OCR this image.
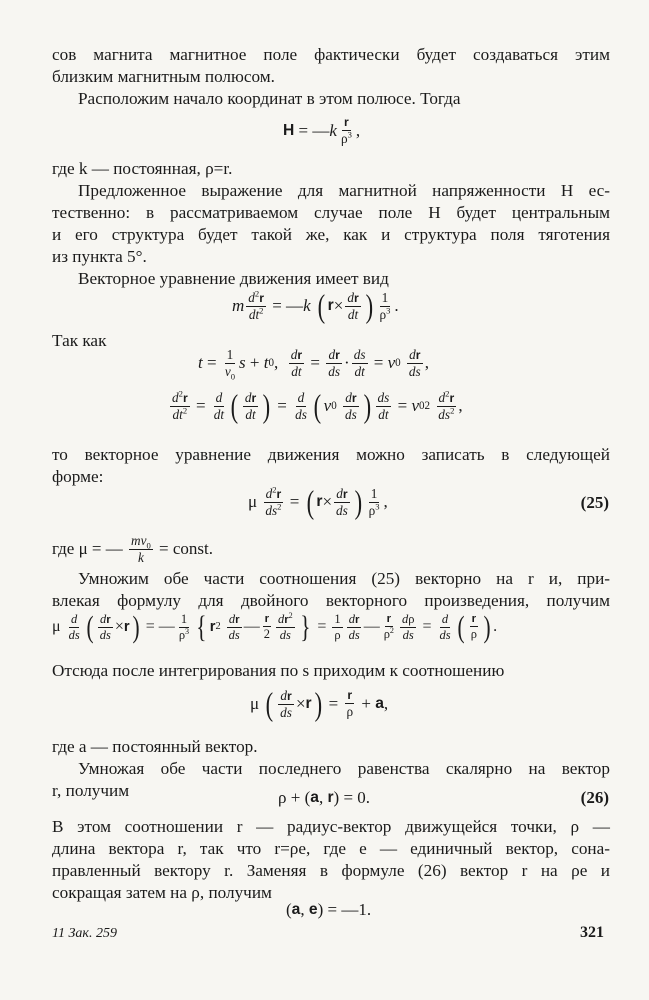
сов магнита магнитное поле фактически будет создаваться этим
близким магнитным полюсом.
Расположим начало координат в этом полюсе. Тогда
H = — k $\frac{r}{\rho^3}$ ,
где k — постоянная, ρ=r.
Предложенное выражение для магнитной напряженности H ес-
тественно: в рассматриваемом случае поле H будет центральным
и его структура будет такой же, как и структура поля тяготения
из пункта 5°.
Векторное уравнение движения имеет вид
m $\frac{d^2r}{dt^2}$ = — k
( $r \times \frac{dr}{dt}$ ) $\frac{1}{\rho^3}$ .
Так как
$t = \frac{1}{v_0}$ s + t 0 , $\frac{dr}{dt} = \frac{dr}{ds} \cdot \frac{ds}{dt} = v$ 0
$\frac{dr}{ds}$ ,
$\frac{d^2r}{dt^2} = \frac{d}{dt}$ ( $\frac{dr}{dt}$ ) = $\frac{d}{ds}$ ( v 0
$\frac{dr}{ds}$ ) $\frac{ds}{dt} = v$ 0 2
$\frac{d^2r}{ds^2}$ ,
то векторное уравнение движения можно записать в следующей
форме:
μ $\frac{d^2r}{ds^2}$ = ( $r \times \frac{dr}{ds}$ ) $\frac{1}{\rho^3}$ ,	(25)
где μ = — $\frac{mv_0}{k}$ = const.
Умножим обе части соотношения (25) векторно на r и, при-
влекая формулу для двойного векторного произведения, получим
μ $\frac{d}{ds}$ ( $\frac{dr}{ds} \times r$ ) = — $\frac{1}{\rho^3}$ { r 2
$\frac{dr}{ds}$ — $\frac{r}{2} \frac{dr^2}{ds}$ } = $\frac{1}{\rho} \frac{dr}{ds}$ — $\frac{r}{\rho^2} \frac{d\rho}{ds} = \frac{d}{ds}$ ( $\frac{r}{\rho}$ ) .
Отсюда после интегрирования по s приходим к соотношению
μ ( $\frac{dr}{ds} \times r$ ) = $\frac{r}{\rho} + a$ ,
где a — постоянный вектор.
Умножая обе части последнего равенства скалярно на вектор
r, получим	ρ + ( a , r ) = 0.	(26)
В этом соотношении r — радиус-вектор движущейся точки, ρ —
длина вектора r, так что r=ρe, где e — единичный вектор, сона-
правленный вектору r. Заменяя в формуле (26) вектор r на ρe и
сокращая затем на ρ, получим
( a , e ) = —1.
11 Зак. 259	321
